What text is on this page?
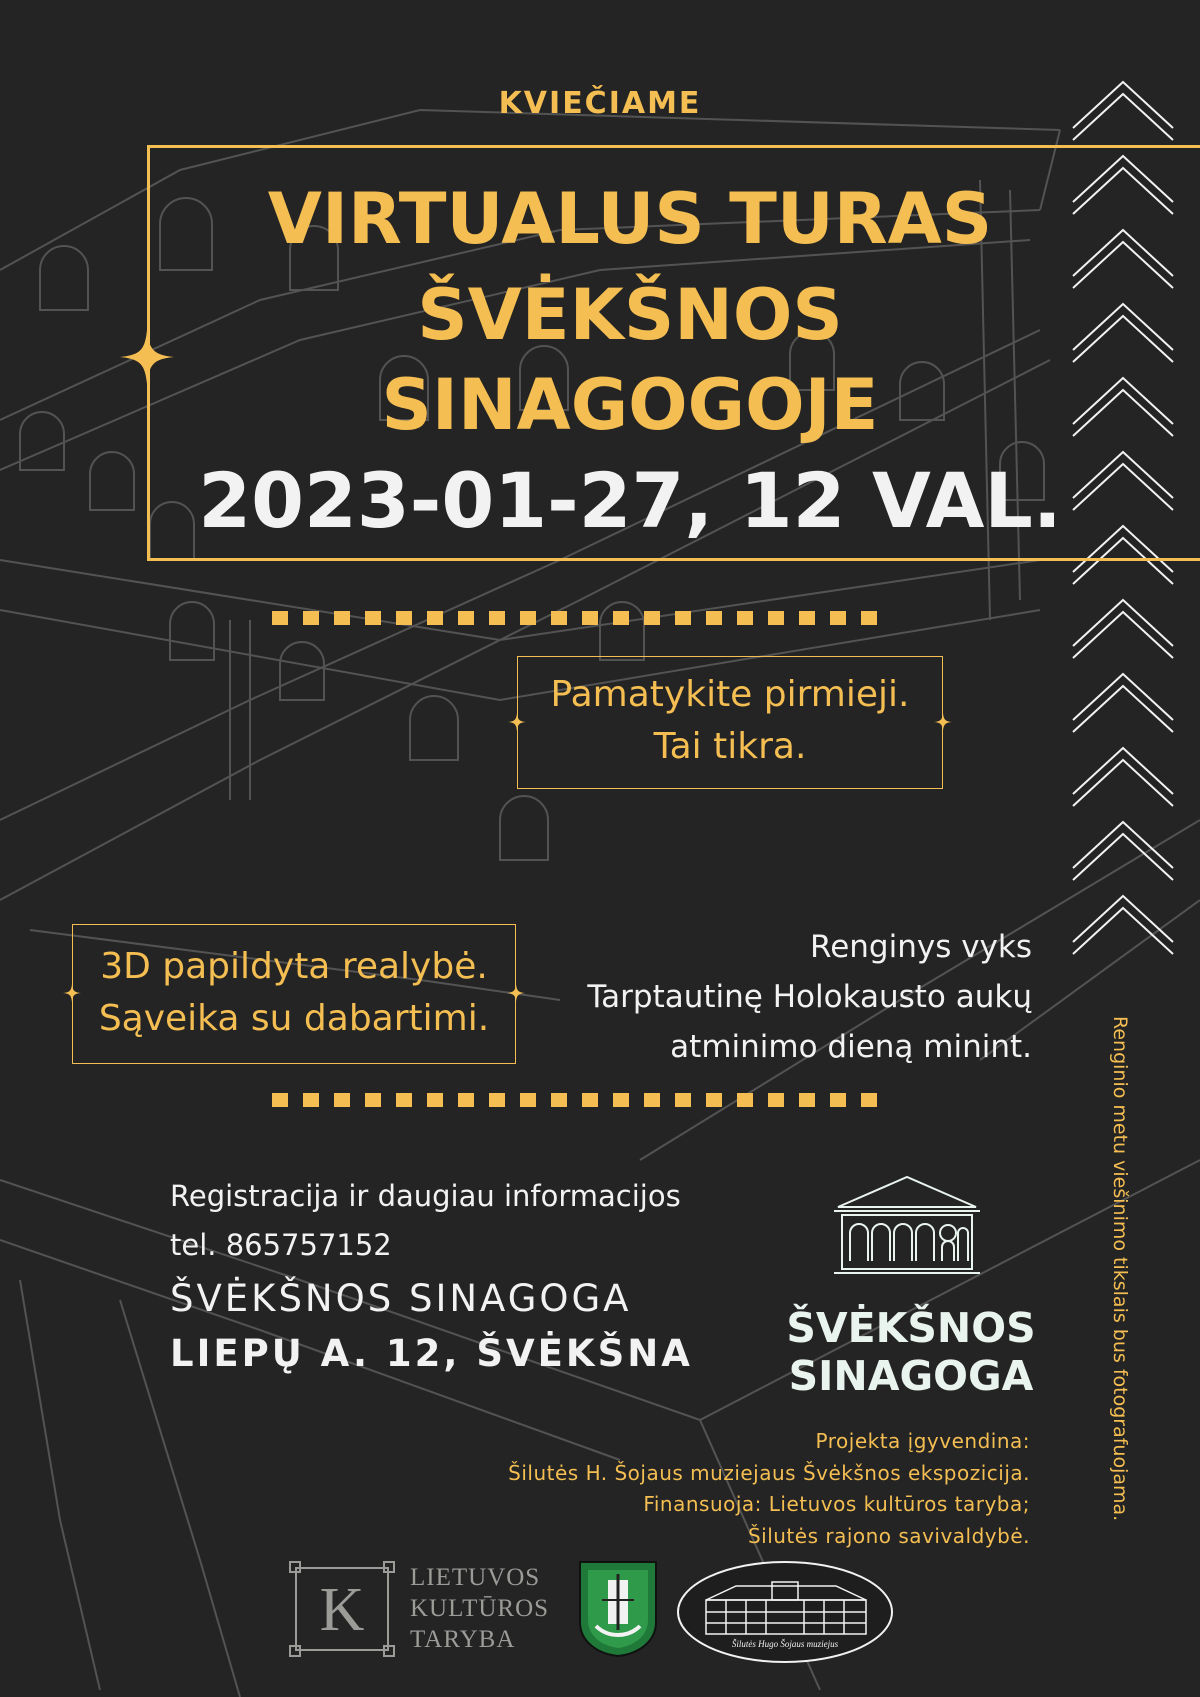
KVIEČIAME
VIRTUALUS TURAS
ŠVĖKŠNOS
SINAGOGOJE
2023-01-27, 12 VAL.
Pamatykite pirmieji.
Tai tikra.
3D papildyta realybė.
Sąveika su dabartimi.
Renginys vyks
Tarptautinę Holokausto aukų
atminimo dieną minint.
Registracija ir daugiau informacijos
tel. 865757152
ŠVĖKŠNOS SINAGOGA
LIEPŲ A. 12, ŠVĖKŠNA
ŠVĖKŠNOS
SINAGOGA
Projekta įgyvendina:
Šilutės H. Šojaus muziejaus Švėkšnos ekspozicija.
Finansuoja: Lietuvos kultūros taryba;
Šilutės rajono savivaldybė.
Renginio metu viešinimo tikslais bus fotografuojama.
K LIETUVOS
KULTŪROS
TARYBA	Šilutės Hugo Šojaus muziejus
